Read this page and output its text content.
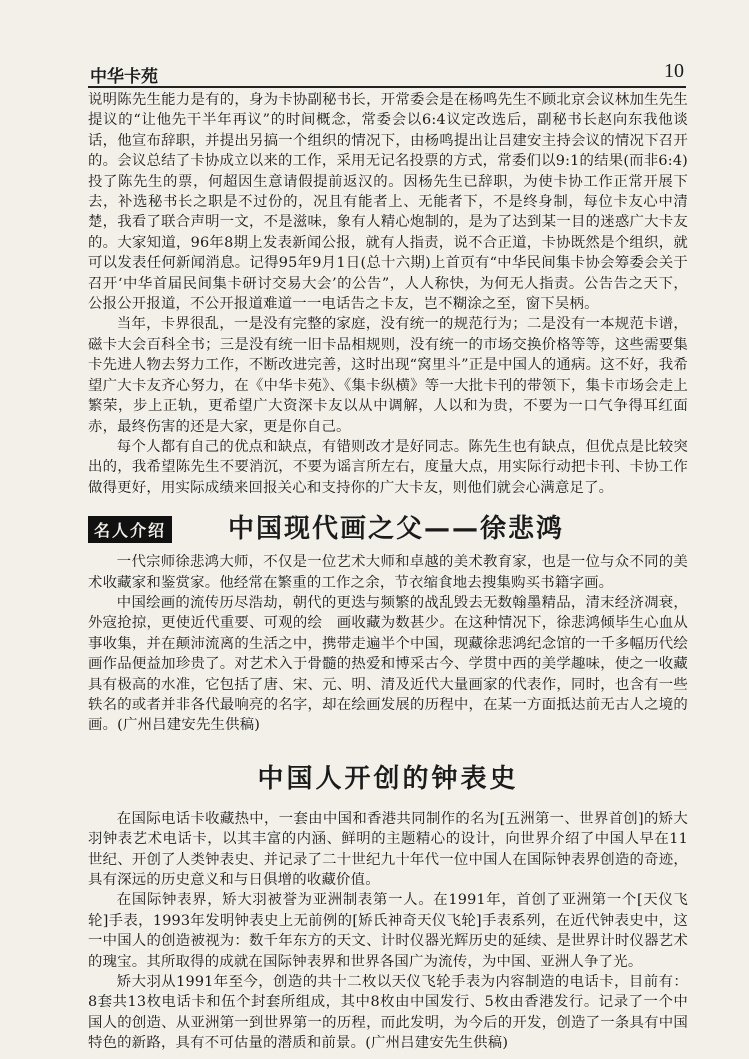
中华卡苑	10

说明陈先生能力是有的，身为卡协副秘书长，开常委会是在杨鸣先生不顾北京会议林加生先生提议的“让他先干半年再议”的时间概念，常委会以6:4议定改选后，副秘书长赵向东我他谈话，他宣布辞职，并提出另搞一个组织的情况下，由杨鸣提出让吕建安主持会议的情况下召开的。会议总结了卡协成立以来的工作，采用无记名投票的方式，常委们以9:1的结果(而非6:4)投了陈先生的票，何超因生意请假提前返汉的。因杨先生已辞职，为使卡协工作正常开展下去，补选秘书长之职是不过份的，况且有能者上、无能者下，不是终身制，每位卡友心中清楚，我看了联合声明一文，不是滋味，象有人精心炮制的，是为了达到某一目的迷惑广大卡友的。大家知道，96年8期上发表新闻公报，就有人指责，说不合正道，卡协既然是个组织，就可以发表任何新闻消息。记得95年9月1日(总十六期)上首页有“中华民间集卡协会筹委会关于召开‘中华首届民间集卡研讨交易大会’的公告”，人人称快，为何无人指责。公告告之天下，公报公开报道，不公开报道难道一一电话告之卡友，岂不糊涂之至，窗下吴柄。

当年，卡界很乱，一是没有完整的家庭，没有统一的规范行为；二是没有一本规范卡谱，磁卡大会百科全书；三是没有统一旧卡品相规则，没有统一的市场交换价格等等，这些需要集卡先进人物去努力工作，不断改进完善，这时出现“窝里斗”正是中国人的通病。这不好，我希望广大卡友齐心努力，在《中华卡苑》、《集卡纵横》等一大批卡刊的带领下，集卡市场会走上繁荣，步上正轨，更希望广大资深卡友以从中调解，人以和为贵，不要为一口气争得耳红面赤，最终伤害的还是大家，更是你自己。

每个人都有自己的优点和缺点，有错则改才是好同志。陈先生也有缺点，但优点是比较突出的，我希望陈先生不要消沉，不要为谣言所左右，度量大点，用实际行动把卡刊、卡协工作做得更好，用实际成绩来回报关心和支持你的广大卡友，则他们就会心满意足了。

名人介绍 中国现代画之父——徐悲鸿

一代宗师徐悲鸿大师，不仅是一位艺术大师和卓越的美术教育家，也是一位与众不同的美术收藏家和鉴赏家。他经常在繁重的工作之余，节衣缩食地去搜集购买书籍字画。

中国绘画的流传历尽浩劫，朝代的更迭与频繁的战乱毁去无数翰墨精品，清末经济凋衰，外寇抢掠，更使近代重要、可观的绘　画收藏为数甚少。在这种情况下，徐悲鸿倾毕生心血从事收集，并在颠沛流离的生活之中，携带走遍半个中国，现藏徐悲鸿纪念馆的一千多幅历代绘画作品便益加珍贵了。对艺术入于骨髓的热爱和博采古今、学贯中西的美学趣味，使之一收藏具有极高的水准，它包括了唐、宋、元、明、清及近代大量画家的代表作，同时，也含有一些轶名的或者并非各代最响亮的名字，却在绘画发展的历程中，在某一方面抵达前无古人之境的画。(广州吕建安先生供稿)

中国人开创的钟表史

在国际电话卡收藏热中，一套由中国和香港共同制作的名为[五洲第一、世界首创]的矫大羽钟表艺术电话卡，以其丰富的内涵、鲜明的主题精心的设计，向世界介绍了中国人早在11世纪、开创了人类钟表史、并记录了二十世纪九十年代一位中国人在国际钟表界创造的奇迹，具有深远的历史意义和与日俱增的收藏价值。

在国际钟表界，矫大羽被誉为亚洲制表第一人。在1991年，首创了亚洲第一个[天仪飞轮]手表，1993年发明钟表史上无前例的[矫氏神奇天仪飞轮]手表系列，在近代钟表史中，这一中国人的创造被视为：数千年东方的天文、计时仪器光辉历史的延续、是世界计时仪器艺术的瑰宝。其所取得的成就在国际钟表界和世界各国广为流传，为中国、亚洲人争了光。

矫大羽从1991年至今，创造的共十二枚以天仪飞轮手表为内容制造的电话卡，目前有：8套共13枚电话卡和伍个封套所组成，其中8枚由中国发行、5枚由香港发行。记录了一个中国人的创造、从亚洲第一到世界第一的历程，而此发明，为今后的开发，创造了一条具有中国特色的新路，具有不可估量的潜质和前景。(广州吕建安先生供稿)
